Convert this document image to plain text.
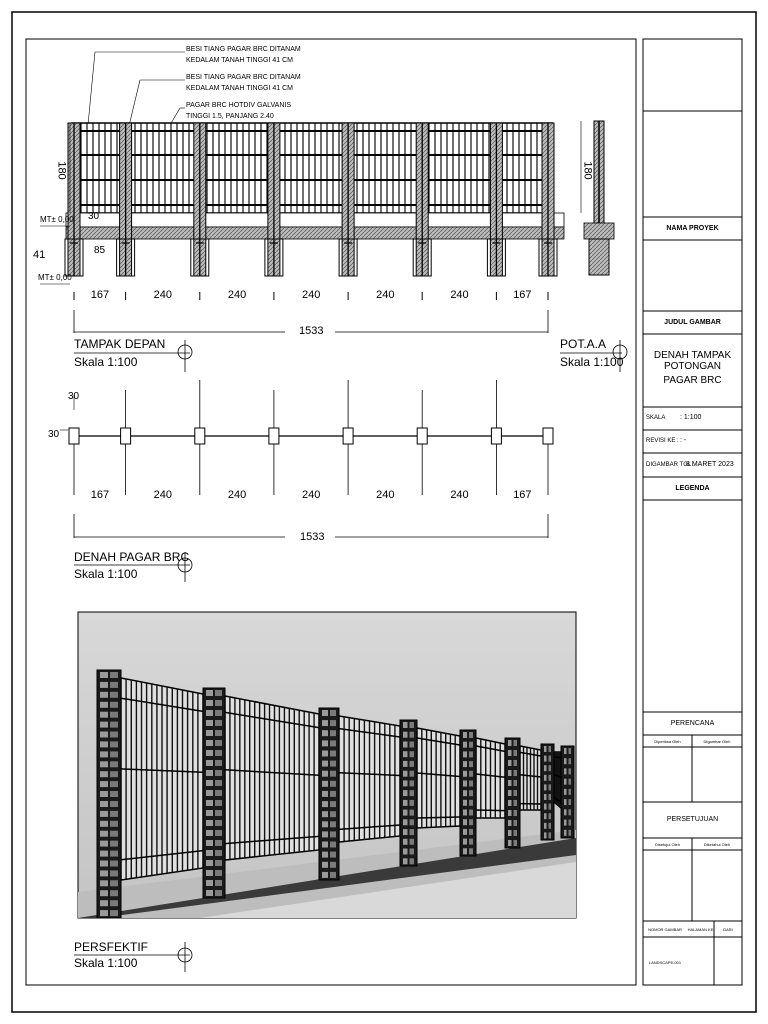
BESI TIANG PAGAR BRC DITANAM
KEDALAM TANAH TINGGI 41 CM
BESI TIANG PAGAR BRC DITANAM
KEDALAM TANAH TINGGI 41 CM
PAGAR BRC HOTDIV GALVANIS
TINGGI 1.5, PANJANG 2.40
180	180
MT± 0,00 30
41	85
MT± 0,00
167	240	240	240	240	240	167
1533
TAMPAK DEPAN
Skala 1:100
POT.A.A
Skala 1:100
30
30
167	240	240	240	240	240	167
1533
DENAH PAGAR BRC
Skala 1:100
PERSFEKTIF
Skala 1:100
NAMA PROYEK
JUDUL GAMBAR
DENAH TAMPAK POTONGAN
PAGAR BRC
SKALA : 1:100
REVISI KE : : -
DIGAMBAR TGL :
8 MARET 2023
LEGENDA
PERENCANA
Diperiksa Oleh	Digambar Oleh
PERSETUJUAN
Disetujui Oleh	Diketahui Oleh
NOMOR GAMBAR	HALAMAN KE	DARI
LANDSCAPE-001
